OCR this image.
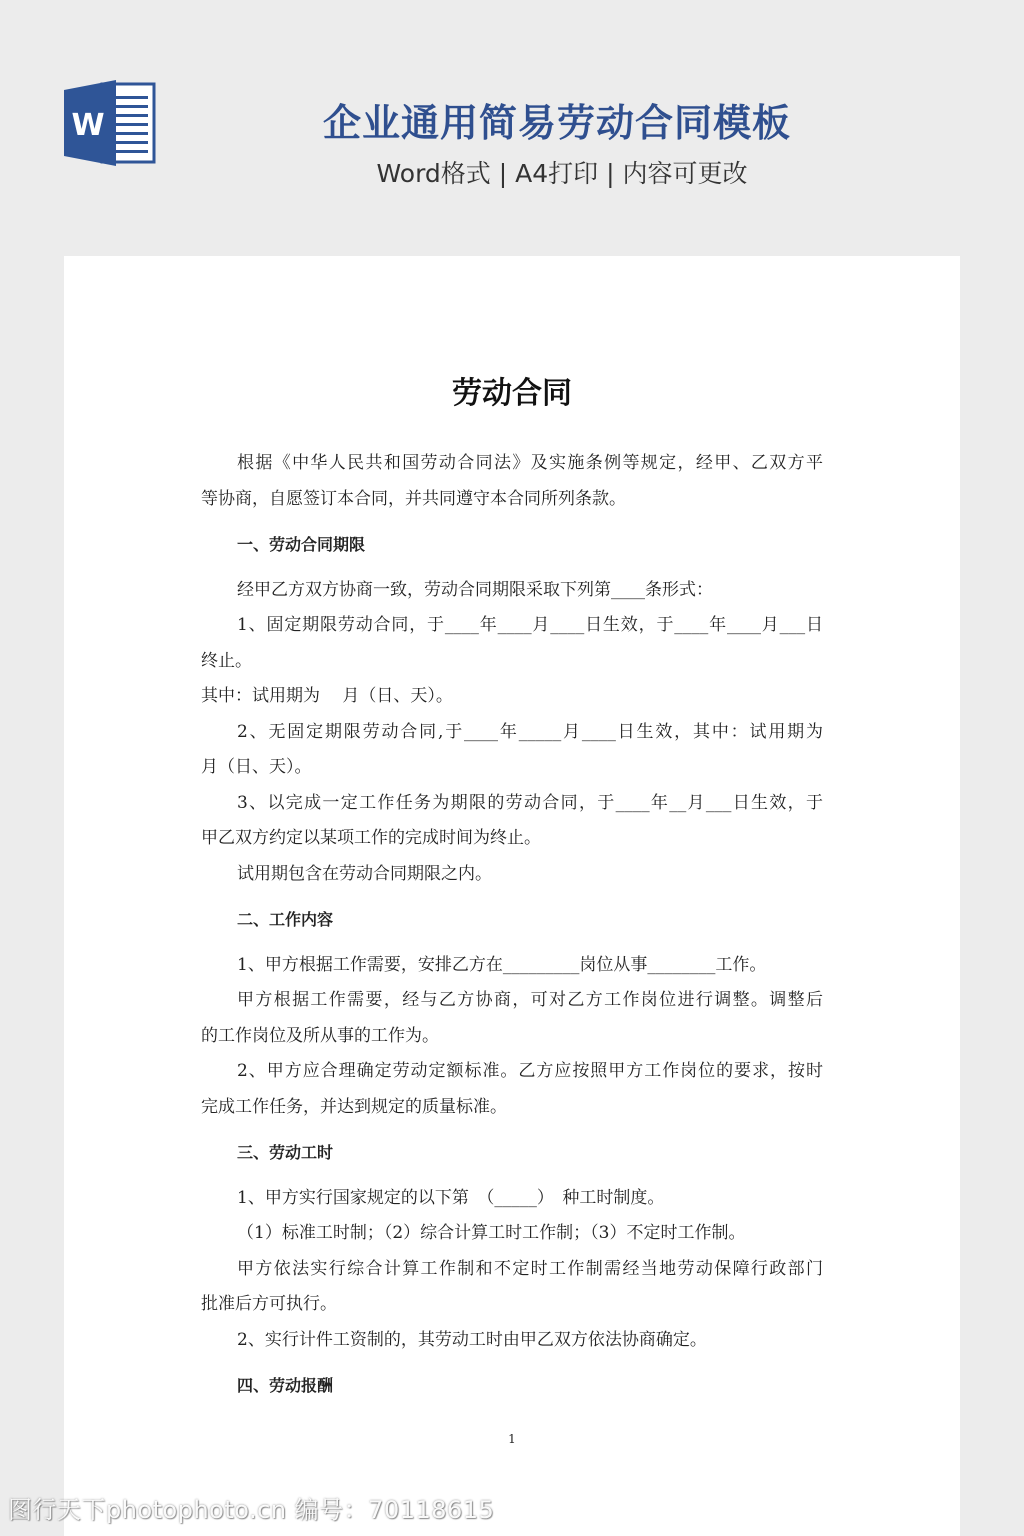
W	企业通用简易劳动合同模板
Word格式 | A4打印 | 内容可更改
劳动合同
根据《中华人民共和国劳动合同法》及实施条例等规定，经甲、乙双方平
等协商，自愿签订本合同，并共同遵守本合同所列条款。
一、劳动合同期限
经甲乙方双方协商一致，劳动合同期限采取下列第____条形式：
1、固定期限劳动合同，于____年____月____日生效，于____年____月___日
终止。
其中：试用期为　 月（日、天）。
2、无固定期限劳动合同,于____年_____月____日生效，其中：试用期为
月（日、天）。
3、以完成一定工作任务为期限的劳动合同，于____年__月___日生效，于
甲乙双方约定以某项工作的完成时间为终止。
试用期包含在劳动合同期限之内。
二、工作内容
1、甲方根据工作需要，安排乙方在_________岗位从事________工作。
甲方根据工作需要，经与乙方协商，可对乙方工作岗位进行调整。调整后
的工作岗位及所从事的工作为。
2、甲方应合理确定劳动定额标准。乙方应按照甲方工作岗位的要求，按时
完成工作任务，并达到规定的质量标准。
三、劳动工时
1、甲方实行国家规定的以下第　（_____）　种工时制度。
（1）标准工时制；（2）综合计算工时工作制；（3）不定时工作制。
甲方依法实行综合计算工作制和不定时工作制需经当地劳动保障行政部门
批准后方可执行。
2、实行计件工资制的，其劳动工时由甲乙双方依法协商确定。
四、劳动报酬
1
图行天下photophoto.cn 编号：70118615
